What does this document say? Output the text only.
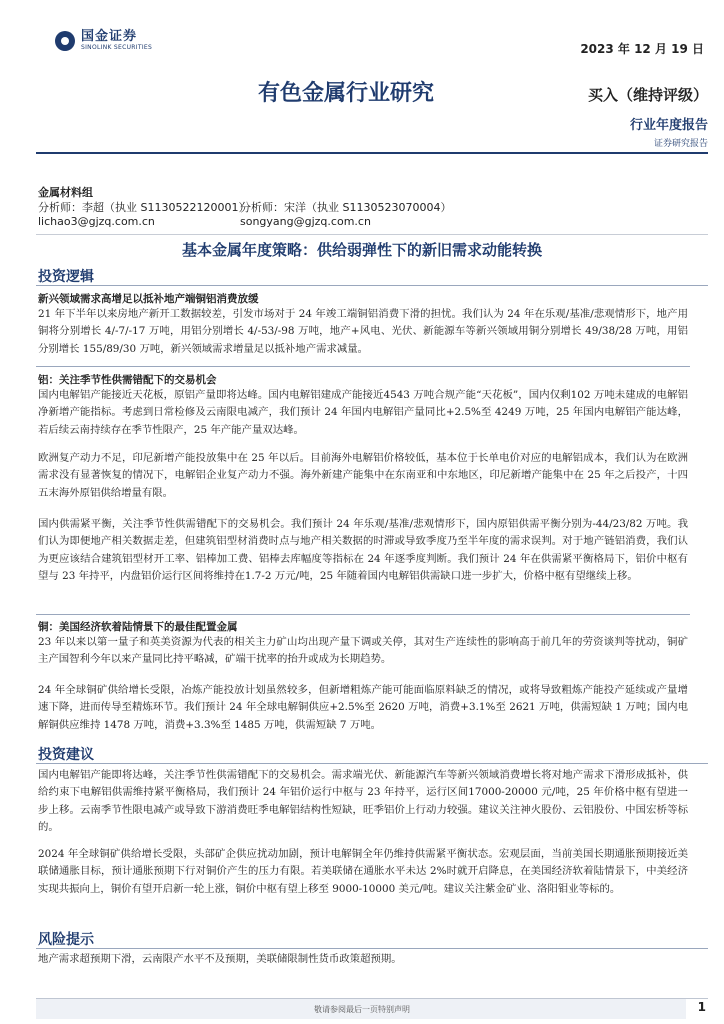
国金证券
SINOLINK SECURITIES	2023 年 12 月 19 日
有色金属行业研究	买入（维持评级）
行业年度报告
证券研究报告
金属材料组
分析师：李超（执业 S1130522120001）
分析师：宋洋（执业 S1130523070004）
lichao3@gjzq.com.cn	songyang@gjzq.com.cn
基本金属年度策略：供给弱弹性下的新旧需求动能转换
投资逻辑
新兴领域需求高增足以抵补地产端铜铝消费放缓
21 年下半年以来房地产新开工数据较差，引发市场对于 24 年竣工端铜铝消费下滑的担忧。我们认为 24 年在乐观/基准/悲观情形下，地产用铜将分别增长 4/-7/-17 万吨，用铝分别增长 4/-53/-98 万吨，地产+风电、光伏、新能源车等新兴领域用铜分别增长 49/38/28 万吨，用铝分别增长 155/89/30 万吨，新兴领域需求增量足以抵补地产需求减量。
铝：关注季节性供需错配下的交易机会
国内电解铝产能接近天花板，原铝产量即将达峰。国内电解铝建成产能接近4543 万吨合规产能“天花板”，国内仅剩102 万吨未建成的电解铝净新增产能指标。考虑到日常检修及云南限电减产，我们预计 24 年国内电解铝产量同比+2.5%至 4249 万吨，25 年国内电解铝产能达峰，若后续云南持续存在季节性限产，25 年产能产量双达峰。
欧洲复产动力不足，印尼新增产能投放集中在 25 年以后。目前海外电解铝价格较低，基本位于长单电价对应的电解铝成本，我们认为在欧洲需求没有显著恢复的情况下，电解铝企业复产动力不强。海外新建产能集中在东南亚和中东地区，印尼新增产能集中在 25 年之后投产，十四五末海外原铝供给增量有限。
国内供需紧平衡，关注季节性供需错配下的交易机会。我们预计 24 年乐观/基准/悲观情形下，国内原铝供需平衡分别为-44/23/82 万吨。我们认为即便地产相关数据走差，但建筑铝型材消费时点与地产相关数据的时滞或导致季度乃至半年度的需求误判。对于地产链铝消费，我们认为更应该结合建筑铝型材开工率、铝棒加工费、铝棒去库幅度等指标在 24 年逐季度判断。我们预计 24 年在供需紧平衡格局下，铝价中枢有望与 23 年持平，内盘铝价运行区间将维持在1.7-2 万元/吨，25 年随着国内电解铝供需缺口进一步扩大，价格中枢有望继续上移。
铜：美国经济软着陆情景下的最佳配置金属
23 年以来以第一量子和英美资源为代表的相关主力矿山均出现产量下调或关停，其对生产连续性的影响高于前几年的劳资谈判等扰动，铜矿主产国智利今年以来产量同比持平略减，矿端干扰率的抬升或成为长期趋势。
24 年全球铜矿供给增长受限，冶炼产能投放计划虽然较多，但新增粗炼产能可能面临原料缺乏的情况，或将导致粗炼产能投产延续或产量增速下降，进而传导至精炼环节。我们预计 24 年全球电解铜供应+2.5%至 2620 万吨，消费+3.1%至 2621 万吨，供需短缺 1 万吨；国内电解铜供应维持 1478 万吨，消费+3.3%至 1485 万吨，供需短缺 7 万吨。
投资建议
国内电解铝产能即将达峰，关注季节性供需错配下的交易机会。需求端光伏、新能源汽车等新兴领域消费增长将对地产需求下滑形成抵补，供给约束下电解铝供需维持紧平衡格局，我们预计 24 年铝价运行中枢与 23 年持平，运行区间17000-20000 元/吨，25 年价格中枢有望进一步上移。云南季节性限电减产或导致下游消费旺季电解铝结构性短缺，旺季铝价上行动力较强。建议关注神火股份、云铝股份、中国宏桥等标的。
2024 年全球铜矿供给增长受限，头部矿企供应扰动加剧，预计电解铜全年仍维持供需紧平衡状态。宏观层面，当前美国长期通胀预期接近美联储通胀目标，预计通胀预期下行对铜价产生的压力有限。若美联储在通胀水平未达 2%时就开启降息，在美国经济软着陆情景下，中美经济实现共振向上，铜价有望开启新一轮上涨，铜价中枢有望上移至 9000-10000 美元/吨。建议关注紫金矿业、洛阳钼业等标的。
风险提示
地产需求超预期下滑，云南限产水平不及预期，美联储限制性货币政策超预期。
敬请参阅最后一页特别声明	1
